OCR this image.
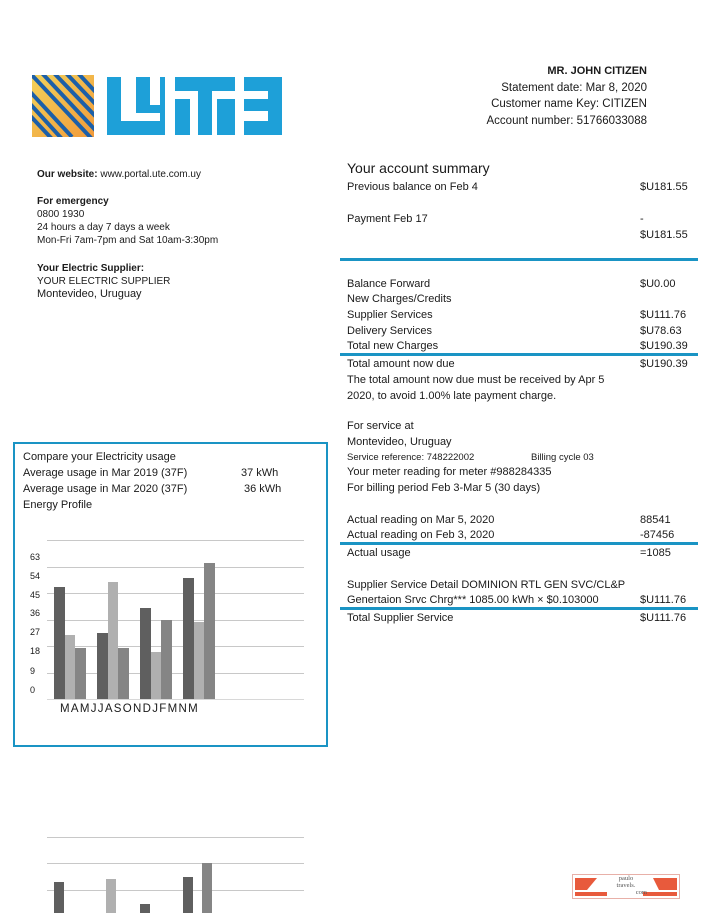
MR. JOHN CITIZEN
Statement date: Mar 8, 2020
Customer name Key: CITIZEN
Account number: 51766033088
Our website: www.portal.ute.com.uy
For emergency
0800 1930
24 hours a day 7 days a week
Mon-Fri 7am-7pm and Sat 10am-3:30pm
Your Electric Supplier:
YOUR ELECTRIC SUPPLIER
Montevideo, Uruguay
Your account summary
Previous balance on Feb 4	$U181.55
Payment Feb 17	-
$U181.55
Balance Forward	$U0.00
New Charges/Credits
Supplier Services	$U111.76
Delivery Services	$U78.63
Total new Charges	$U190.39
Total amount now due	$U190.39
The total amount now due must be received by Apr 5
2020, to avoid 1.00% late payment charge.
For service at
Montevideo, Uruguay
Service reference: 748222002	Billing cycle 03
Your meter reading for meter #988284335
For billing period Feb 3-Mar 5 (30 days)
Actual reading on Mar 5, 2020	88541
Actual reading on Feb 3, 2020	-87456
Actual usage	=1085
Supplier Service Detail DOMINION RTL GEN SVC/CL&P
Genertaion Srvc Chrg*** 1085.00 kWh × $0.103000	$U111.76
Total Supplier Service	$U111.76
Compare your Electricity usage
Average usage in Mar 2019 (37F)	37 kWh
Average usage in Mar 2020 (37F)	36 kWh
Energy Profile
63
54
45
36
27
18
9
0
MAMJJASONDJFMNM
paulo
travels.
com
